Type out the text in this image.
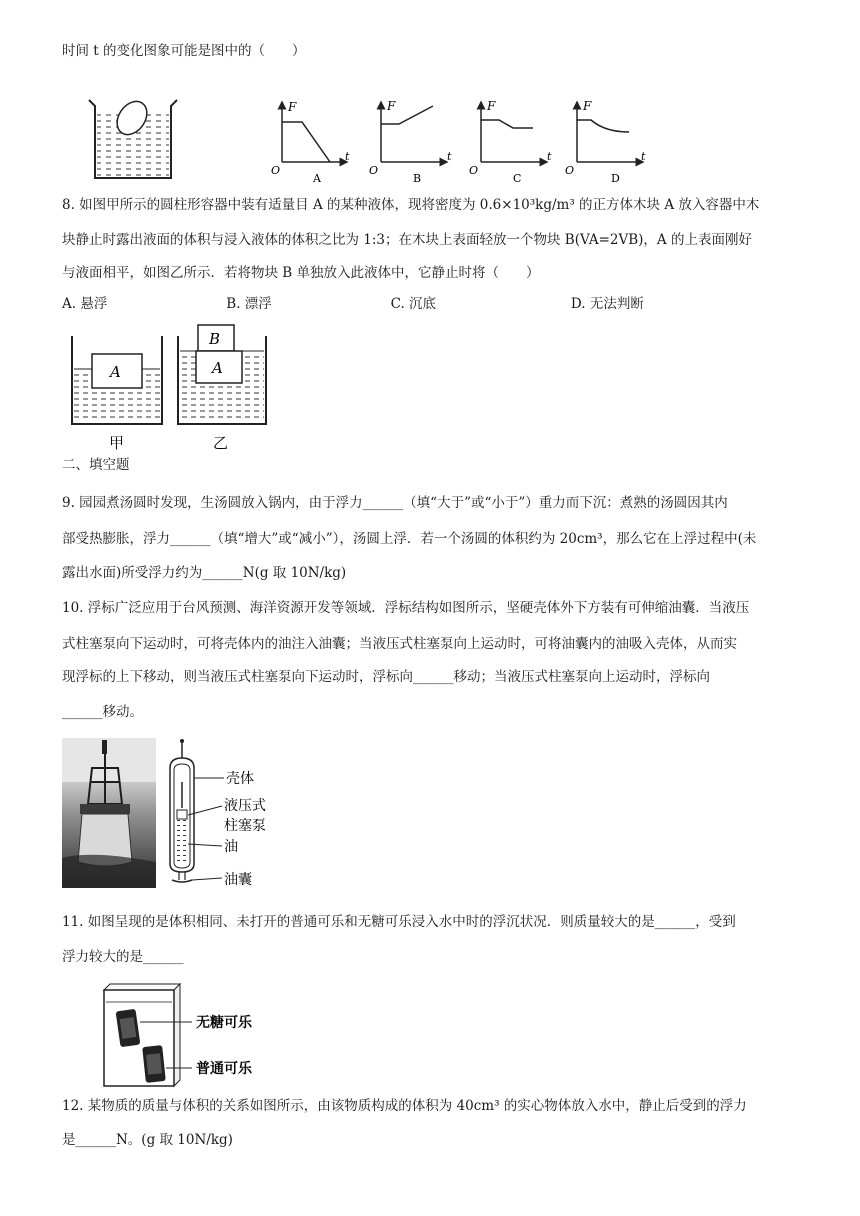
时间 t 的变化图象可能是图中的（　　）
F
t
O
A
F
t
O
B
F
t
O
C
F
t
O
D
8. 如图甲所示的圆柱形容器中装有适量目 A 的某种液体，现将密度为 0.6×10³kg/m³ 的正方体木块 A 放入容器中木
块静止时露出液面的体积与浸入液体的体积之比为 1:3；在木块上表面轻放一个物块 B(VA=2VB)，A 的上表面刚好
与液面相平，如图乙所示．若将物块 B 单独放入此液体中，它静止时将（　　）
A. 悬浮	B. 漂浮	C. 沉底	D. 无法判断
A
甲
B
A
乙
二、填空题
9. 园园煮汤圆时发现，生汤圆放入锅内，由于浮力______（填“大于”或“小于”）重力而下沉：煮熟的汤圆因其内
部受热膨胀，浮力______（填“增大”或“减小”），汤圆上浮．若一个汤圆的体积约为 20cm³，那么它在上浮过程中(未
露出水面)所受浮力约为______N(g 取 10N/kg)
10. 浮标广泛应用于台风预测、海洋资源开发等领域．浮标结构如图所示，坚硬壳体外下方装有可伸缩油囊．当液压
式柱塞泵向下运动时，可将壳体内的油注入油囊；当液压式柱塞泵向上运动时，可将油囊内的油吸入壳体，从而实
现浮标的上下移动，则当液压式柱塞泵向下运动时，浮标向______移动；当液压式柱塞泵向上运动时，浮标向
______移动。
壳体
液压式
柱塞泵
油
油囊
11. 如图呈现的是体积相同、未打开的普通可乐和无糖可乐浸入水中时的浮沉状况．则质量较大的是______，受到
浮力较大的是______
无糖可乐
普通可乐
12. 某物质的质量与体积的关系如图所示，由该物质构成的体积为 40cm³ 的实心物体放入水中，静止后受到的浮力
是______N。(g 取 10N/kg)
